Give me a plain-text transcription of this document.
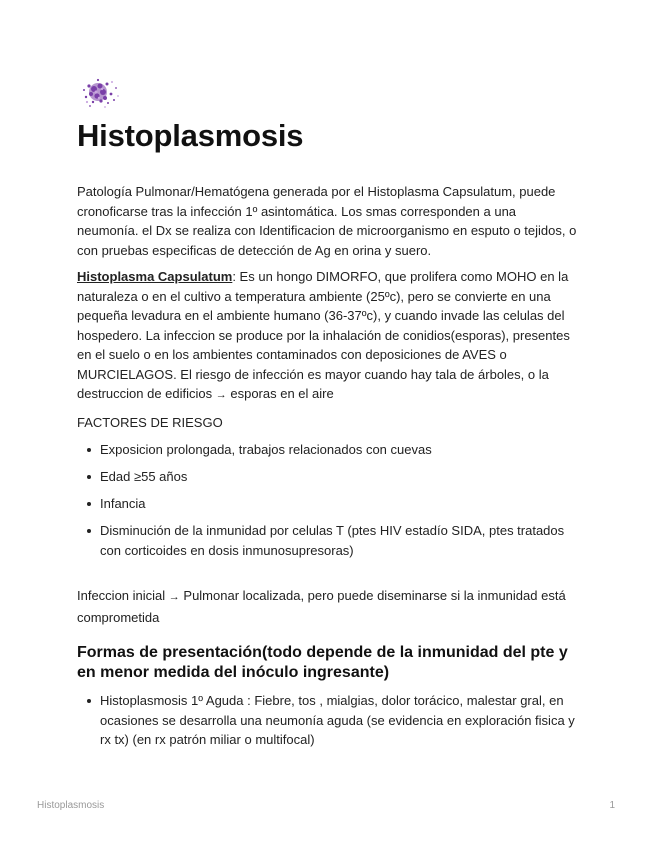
Histoplasmosis

Patología Pulmonar/Hematógena generada por el Histoplasma Capsulatum, puede cronoficarse tras la infección 1º asintomática. Los smas corresponden a una neumonía. el Dx se realiza con Identificacion de microorganismo en esputo o tejidos, o con pruebas especificas de detección de Ag en orina y suero.

Histoplasma Capsulatum: Es un hongo DIMORFO, que prolifera como MOHO en la naturaleza o en el cultivo a temperatura ambiente (25ºc), pero se convierte en una pequeña levadura en el ambiente humano (36-37ºc), y cuando invade las celulas del hospedero. La infeccion se produce por la inhalación de conidios(esporas), presentes en el suelo o en los ambientes contaminados con deposiciones de AVES o MURCIELAGOS. El riesgo de infección es mayor cuando hay tala de árboles, o la destruccion de edificios → esporas en el aire

FACTORES DE RIESGO

Exposicion prolongada, trabajos relacionados con cuevas
Edad ≥55 años
Infancia
Disminución de la inmunidad por celulas T (ptes HIV estadío SIDA, ptes tratados con corticoides en dosis inmunosupresoras)

Infeccion inicial → Pulmonar localizada, pero puede diseminarse si la inmunidad está comprometida

Formas de presentación(todo depende de la inmunidad del pte y en menor medida del inóculo ingresante)
Histoplasmosis 1º Aguda : Fiebre, tos , mialgias, dolor torácico, malestar gral, en ocasiones se desarrolla una neumonía aguda (se evidencia en exploración fisica y rx tx) (en rx patrón miliar o multifocal)
Histoplasmosis	1
